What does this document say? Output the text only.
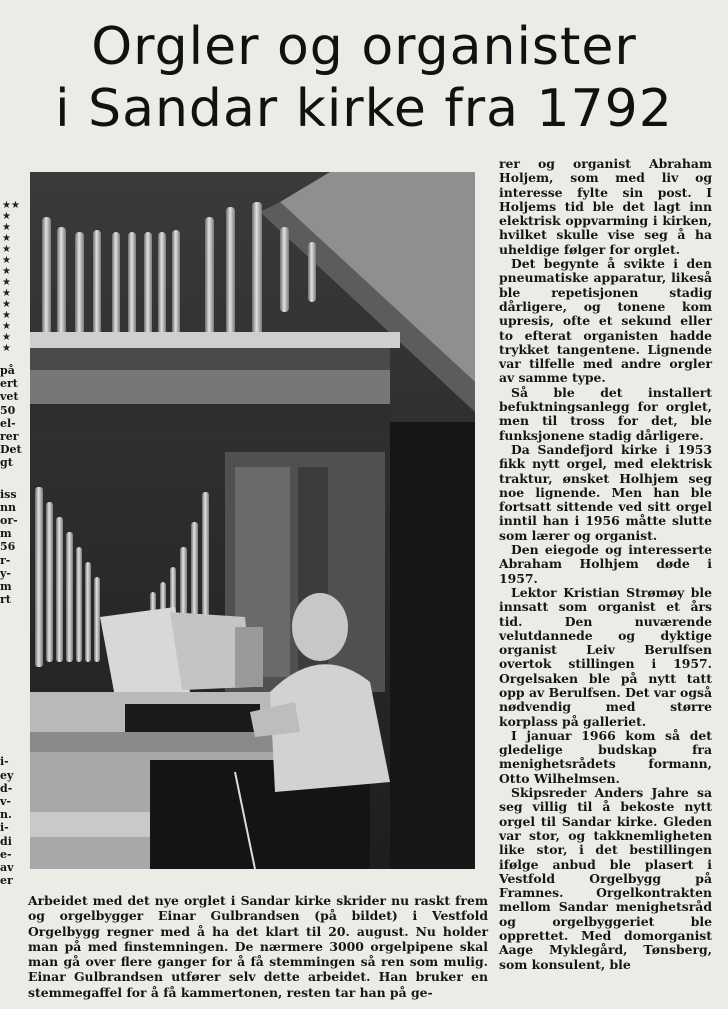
Orgler og organister
i Sandar kirke fra 1792
★★
★
★
★
★
★
★
★
★
★
★
★
★
★
på
ert
vet
50
el-
rer
Det
gt
iss
nn
or-
m
56
r-
y-
m
rt
i-
ey
d-
v-
n.
i-
di
e-
av
er

Arbeidet med det nye orglet i Sandar kirke skrider nu raskt frem og orgelbygger Einar Gulbrandsen (på bildet) i Vestfold Orgelbygg regner med å ha det klart til 20. august. Nu holder man på med finstemningen. De nærmere 3000 orgelpipene skal man gå over flere ganger for å få stemmingen så ren som mulig. Einar Gulbrandsen utfører selv dette arbeidet. Han bruker en stemmegaffel for å få kammertonen, resten tar han på ge-

rer og organist Abraham Holjem, som med liv og interesse fylte sin post. I Holjems tid ble det lagt inn elektrisk oppvarming i kirken, hvilket skulle vise seg å ha uheldige følger for orglet.

Det begynte å svikte i den pneumatiske apparatur, likeså ble repetisjonen stadig dårligere, og tonene kom upresis, ofte et sekund eller to efterat organisten hadde trykket tangentene. Lignende var tilfelle med andre orgler av samme type.

Så ble det installert befuktningsanlegg for orglet, men til tross for det, ble funksjonene stadig dårligere.

Da Sandefjord kirke i 1953 fikk nytt orgel, med elektrisk traktur, ønsket Holhjem seg noe lignende. Men han ble fortsatt sittende ved sitt orgel inntil han i 1956 måtte slutte som lærer og organist.

Den eiegode og interesserte Abraham Holhjem døde i 1957.

Lektor Kristian Strømøy ble innsatt som organist et års tid. Den nuværende velutdannede og dyktige organist Leiv Berulfsen overtok stillingen i 1957. Orgelsaken ble på nytt tatt opp av Berulfsen. Det var også nødvendig med større korplass på galleriet.

I januar 1966 kom så det gledelige budskap fra menighetsrådets formann, Otto Wilhelmsen.

Skipsreder Anders Jahre sa seg villig til å bekoste nytt orgel til Sandar kirke. Gleden var stor, og takknemligheten like stor, i det bestillingen ifølge anbud ble plasert i Vestfold Orgelbygg på Framnes. Orgelkontrakten mellom Sandar menighetsråd og orgelbyggeriet ble opprettet. Med domorganist Aage Myklegård, Tønsberg, som konsulent, ble
